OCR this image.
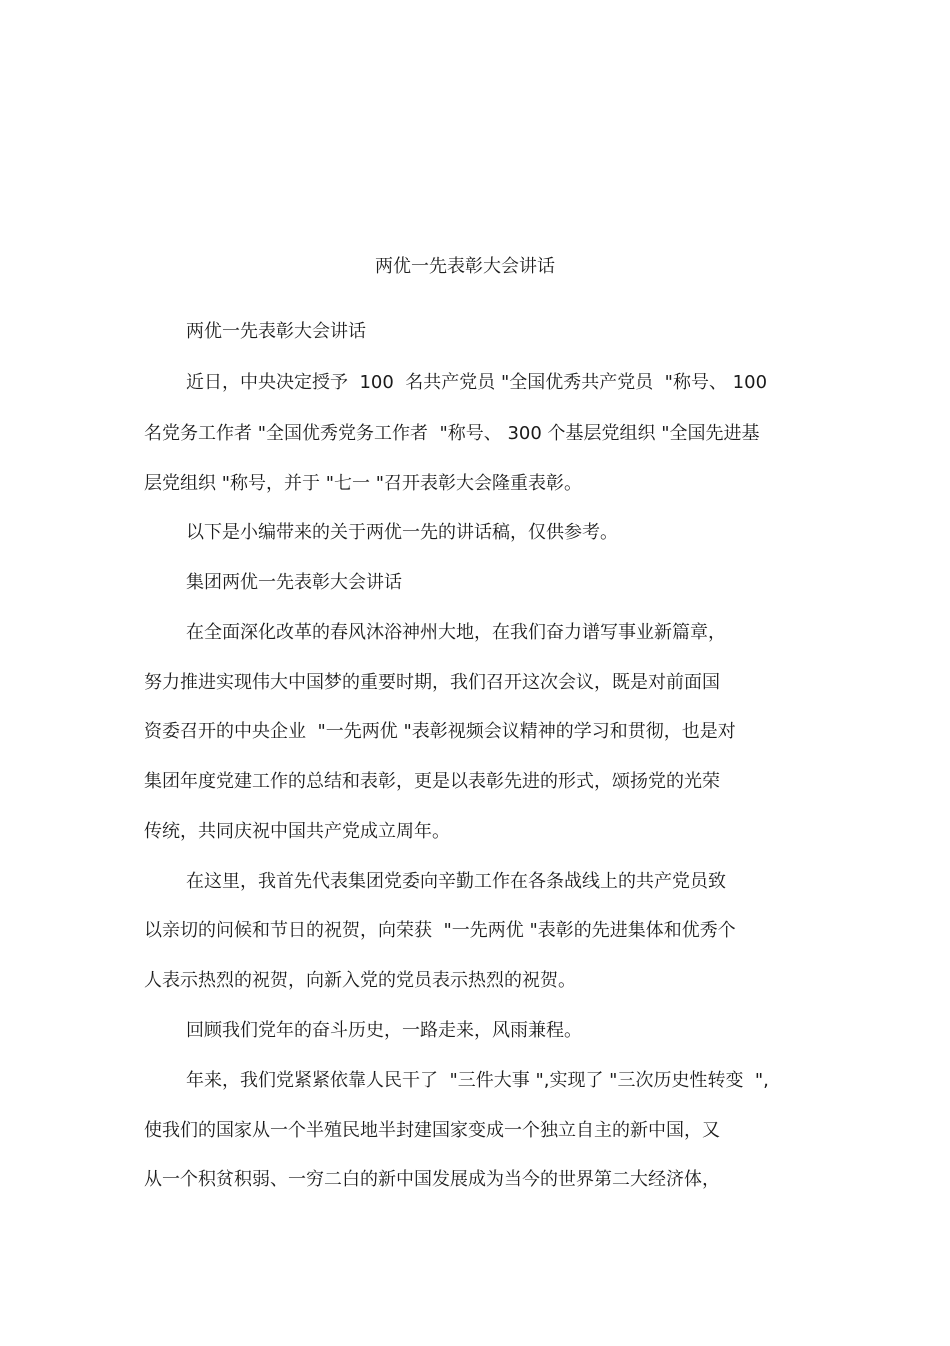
两优一先表彰大会讲话
两优一先表彰大会讲话
近日，中央决定授予  100  名共产党员 "全国优秀共产党员  "称号、 100
名党务工作者 "全国优秀党务工作者  "称号、 300 个基层党组织 "全国先进基
层党组织 "称号，并于 "七一 "召开表彰大会隆重表彰。
以下是小编带来的关于两优一先的讲话稿，仅供参考。
集团两优一先表彰大会讲话
在全面深化改革的春风沐浴神州大地，在我们奋力谱写事业新篇章，
努力推进实现伟大中国梦的重要时期，我们召开这次会议，既是对前面国
资委召开的中央企业  "一先两优 "表彰视频会议精神的学习和贯彻，也是对
集团年度党建工作的总结和表彰，更是以表彰先进的形式，颂扬党的光荣
传统，共同庆祝中国共产党成立周年。
在这里，我首先代表集团党委向辛勤工作在各条战线上的共产党员致
以亲切的问候和节日的祝贺，向荣获  "一先两优 "表彰的先进集体和优秀个
人表示热烈的祝贺，向新入党的党员表示热烈的祝贺。
回顾我们党年的奋斗历史，一路走来，风雨兼程。
年来，我们党紧紧依靠人民干了  "三件大事 ",实现了 "三次历史性转变  ",
使我们的国家从一个半殖民地半封建国家变成一个独立自主的新中国，又
从一个积贫积弱、一穷二白的新中国发展成为当今的世界第二大经济体，
